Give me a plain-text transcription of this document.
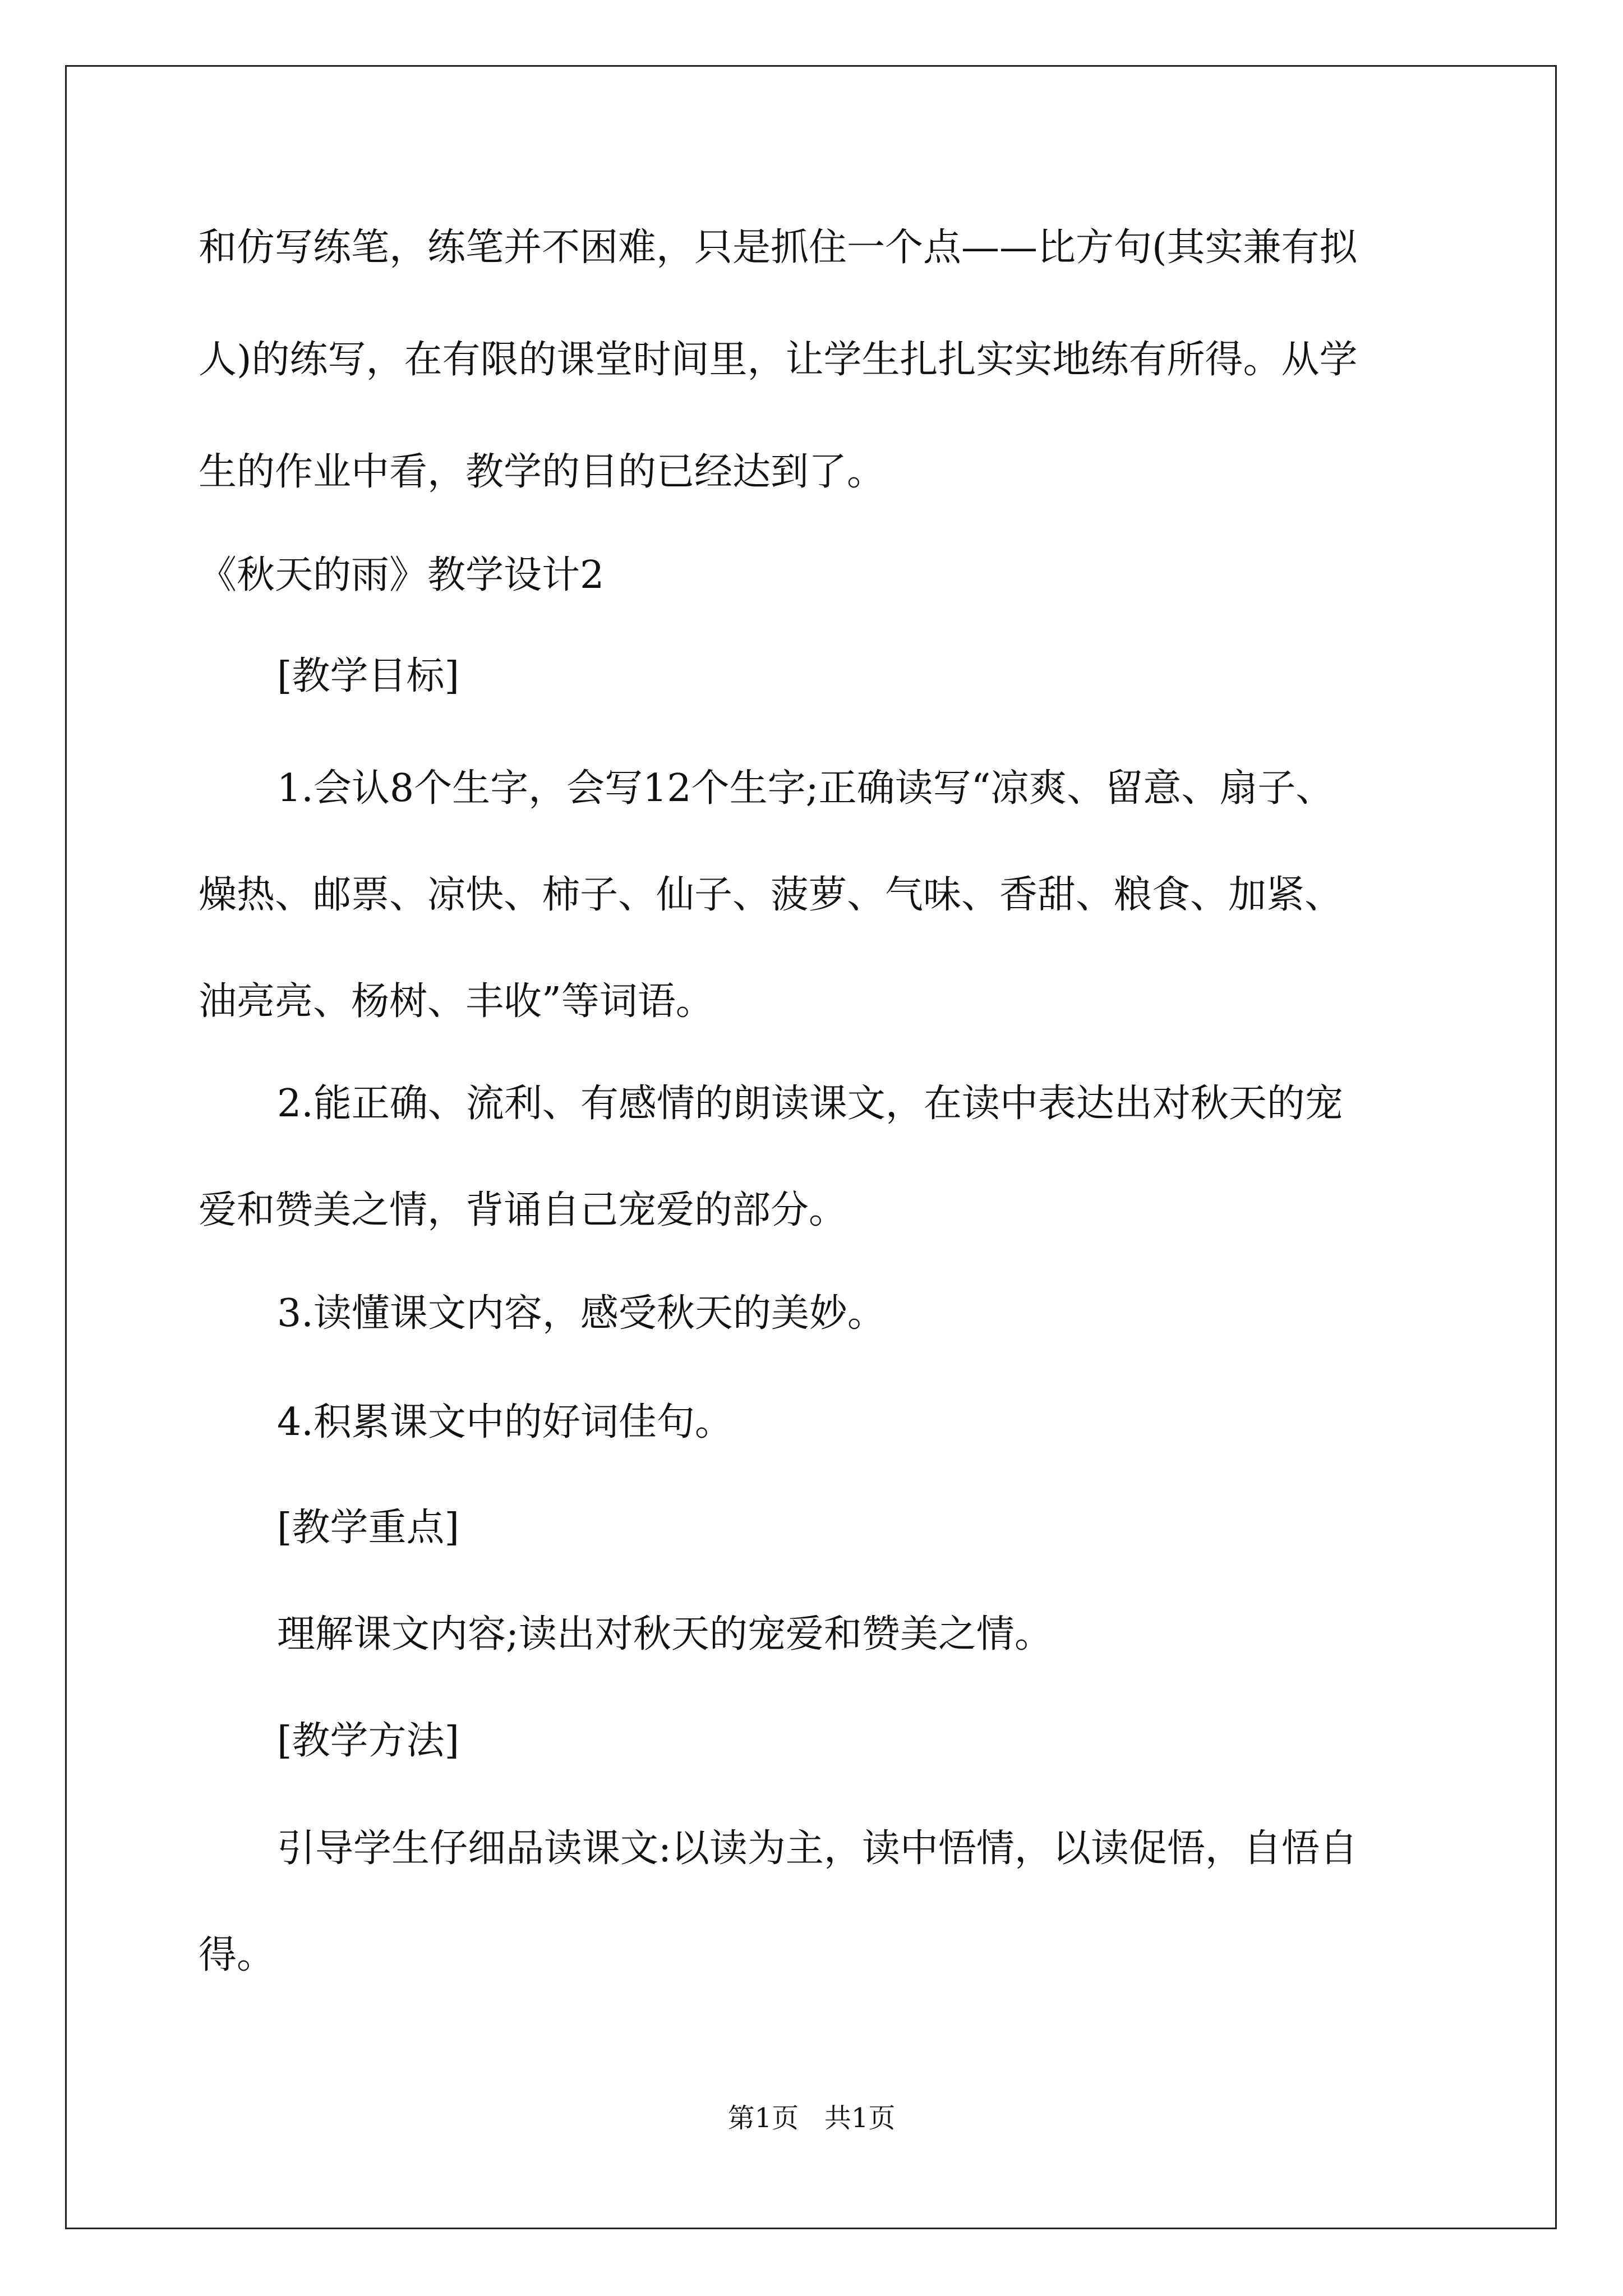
和仿写练笔，练笔并不困难，只是抓住一个点——比方句(其实兼有拟
人)的练写，在有限的课堂时间里，让学生扎扎实实地练有所得。从学
生的作业中看，教学的目的已经达到了。
《秋天的雨》教学设计2
[教学目标]
1.会认8个生字，会写12个生字;正确读写“凉爽、留意、扇子、
燥热、邮票、凉快、柿子、仙子、菠萝、气味、香甜、粮食、加紧、
油亮亮、杨树、丰收”等词语。
2.能正确、流利、有感情的朗读课文，在读中表达出对秋天的宠
爱和赞美之情，背诵自己宠爱的部分。
3.读懂课文内容，感受秋天的美妙。
4.积累课文中的好词佳句。
[教学重点]
理解课文内容;读出对秋天的宠爱和赞美之情。
[教学方法]
引导学生仔细品读课文:以读为主，读中悟情，以读促悟，自悟自
得。
第1页   共1页
